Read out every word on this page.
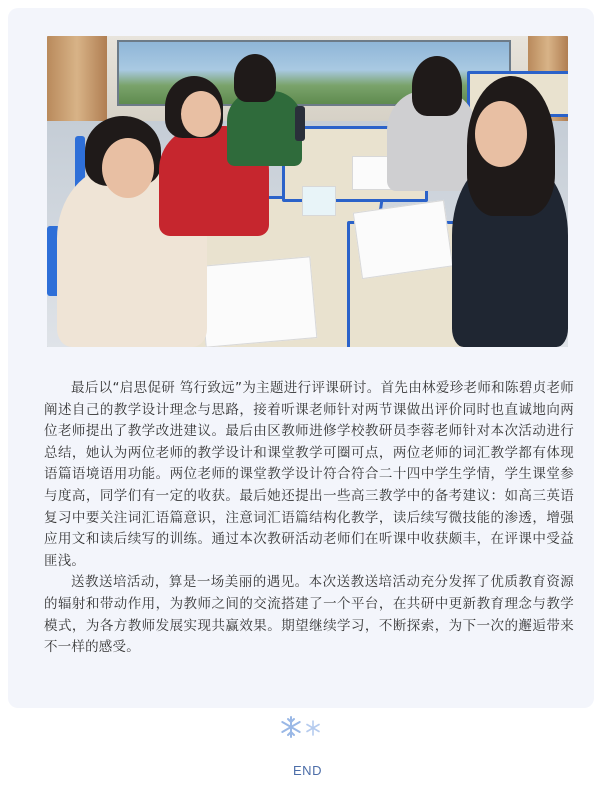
最后以“启思促研 笃行致远”为主题进行评课研讨。首先由林爱珍老师和陈碧贞老师阐述自己的教学设计理念与思路，接着听课老师针对两节课做出评价同时也直诚地向两位老师提出了教学改进建议。最后由区教师进修学校教研员李蓉老师针对本次活动进行总结，她认为两位老师的教学设计和课堂教学可圈可点，两位老师的词汇教学都有体现语篇语境语用功能。两位老师的课堂教学设计符合符合二十四中学生学情，学生课堂参与度高，同学们有一定的收获。最后她还提出一些高三教学中的备考建议：如高三英语复习中要关注词汇语篇意识，注意词汇语篇结构化教学，读后续写微技能的渗透，增强应用文和读后续写的训练。通过本次教研活动老师们在听课中收获颇丰，在评课中受益匪浅。

送教送培活动，算是一场美丽的遇见。本次送教送培活动充分发挥了优质教育资源的辐射和带动作用，为教师之间的交流搭建了一个平台，在共研中更新教育理念与教学模式，为各方教师发展实现共赢效果。期望继续学习，不断探索，为下一次的邂逅带来不一样的感受。

END
